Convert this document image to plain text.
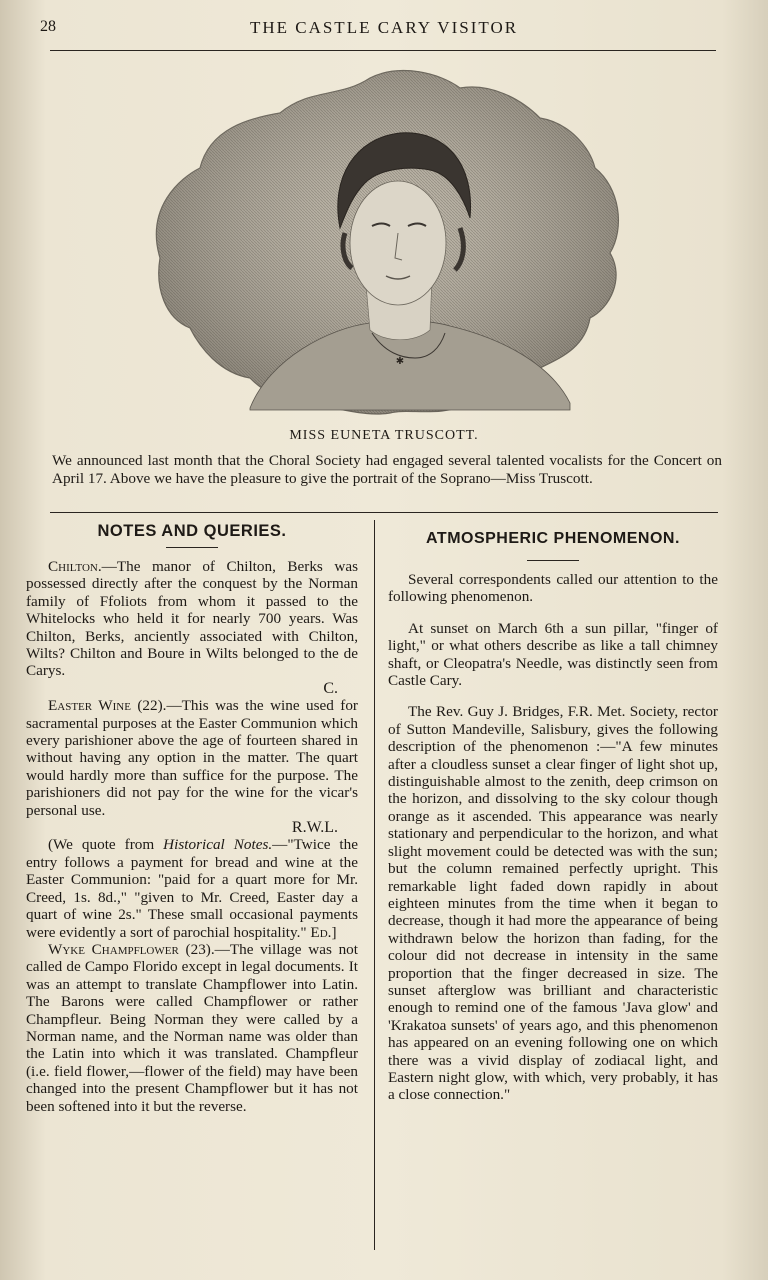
28	THE CASTLE CARY VISITOR
✱
MISS EUNETA TRUSCOTT.
We announced last month that the Choral Society had engaged several talented vocalists for the Concert on April 17. Above we have the pleasure to give the portrait of the Soprano—Miss Truscott.
NOTES AND QUERIES.

Chilton.—The manor of Chilton, Berks was possessed directly after the conquest by the Norman family of Ffoliots from whom it passed to the Whitelocks who held it for nearly 700 years. Was Chilton, Berks, anciently associated with Chilton, Wilts? Chilton and Boure in Wilts belonged to the de Carys.

C.

Easter Wine (22).—This was the wine used for sacramental purposes at the Easter Communion which every parishioner above the age of fourteen shared in without having any option in the matter. The quart would hardly more than suffice for the purpose. The parishioners did not pay for the wine for the vicar's personal use.

R.W.L.

(We quote from Historical Notes.—"Twice the entry follows a payment for bread and wine at the Easter Communion: "paid for a quart more for Mr. Creed, 1s. 8d.," "given to Mr. Creed, Easter day a quart of wine 2s." These small occasional payments were evidently a sort of parochial hospitality." Ed.]

Wyke Champflower (23).—The village was not called de Campo Florido except in legal documents. It was an attempt to translate Champflower into Latin. The Barons were called Champflower or rather Champfleur. Being Norman they were called by a Norman name, and the Norman name was older than the Latin into which it was translated. Champfleur (i.e. field flower,—flower of the field) may have been changed into the present Champflower but it has not been softened into it but the reverse.

ATMOSPHERIC PHENOMENON.

Several correspondents called our attention to the following phenomenon.

At sunset on March 6th a sun pillar, "finger of light," or what others describe as like a tall chimney shaft, or Cleopatra's Needle, was distinctly seen from Castle Cary.

The Rev. Guy J. Bridges, F.R. Met. Society, rector of Sutton Mandeville, Salisbury, gives the following description of the phenomenon :—"A few minutes after a cloudless sunset a clear finger of light shot up, distinguishable almost to the zenith, deep crimson on the horizon, and dissolving to the sky colour though orange as it ascended. This appearance was nearly stationary and perpendicular to the horizon, and what slight movement could be detected was with the sun; but the column remained perfectly upright. This remarkable light faded down rapidly in about eighteen minutes from the time when it began to decrease, though it had more the appearance of being withdrawn below the horizon than fading, for the colour did not decrease in intensity in the same proportion that the finger decreased in size. The sunset afterglow was brilliant and characteristic enough to remind one of the famous 'Java glow' and 'Krakatoa sunsets' of years ago, and this phenomenon has appeared on an evening following one on which there was a vivid display of zodiacal light, and Eastern night glow, with which, very probably, it has a close connection."
